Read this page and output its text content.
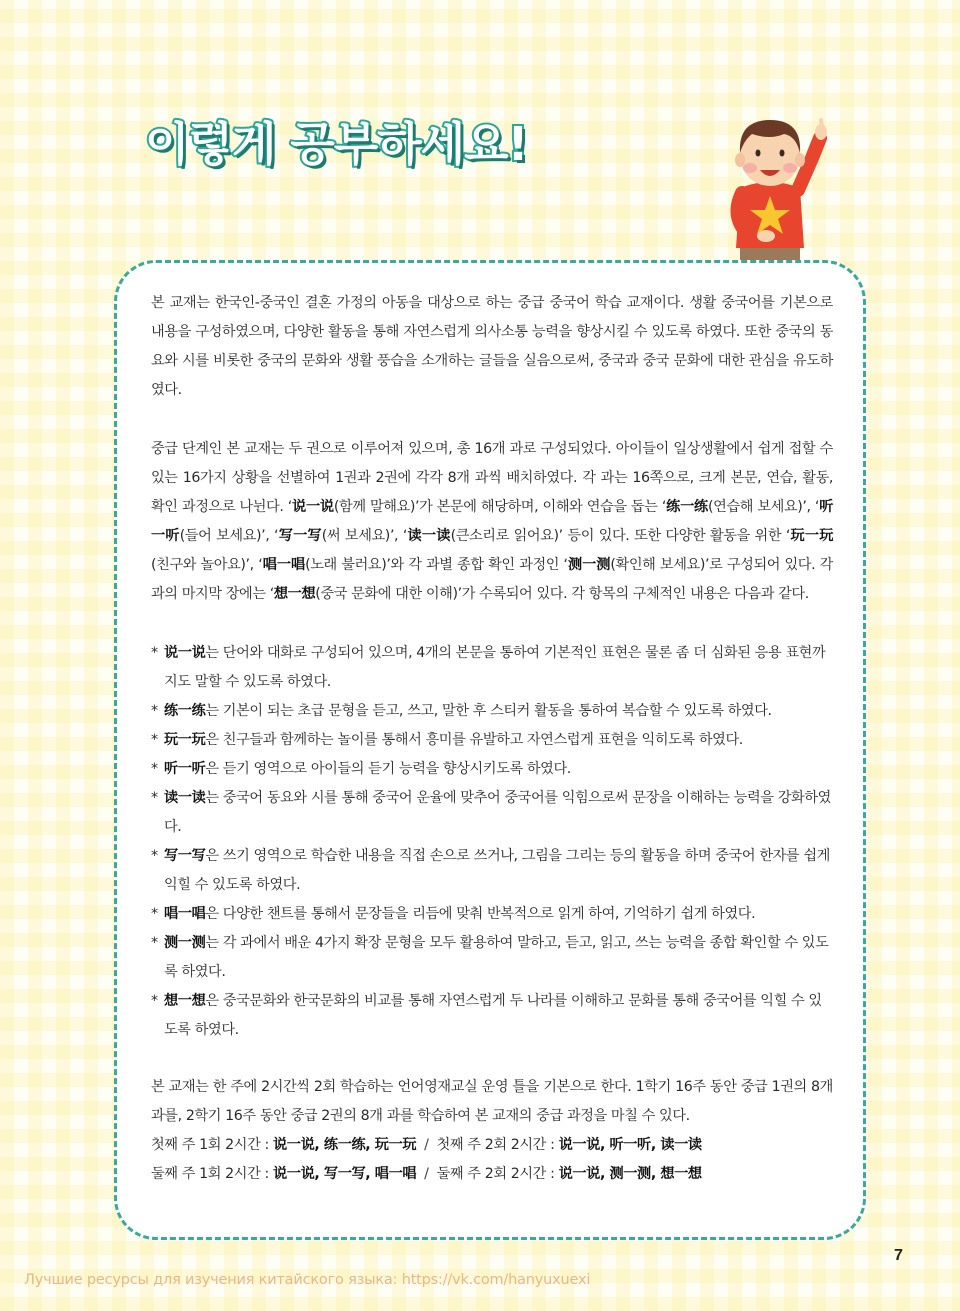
이렇게 공부하세요!

본 교재는 한국인-중국인 결혼 가정의 아동을 대상으로 하는 중급 중국어 학습 교재이다. 생활 중국어를 기본으로 내용을 구성하였으며, 다양한 활동을 통해 자연스럽게 의사소통 능력을 향상시킬 수 있도록 하였다. 또한 중국의 동요와 시를 비롯한 중국의 문화와 생활 풍습을 소개하는 글들을 실음으로써, 중국과 중국 문화에 대한 관심을 유도하였다.

중급 단계인 본 교재는 두 권으로 이루어져 있으며, 총 16개 과로 구성되었다. 아이들이 일상생활에서 쉽게 접할 수 있는 16가지 상황을 선별하여 1권과 2권에 각각 8개 과씩 배치하였다. 각 과는 16쪽으로, 크게 본문, 연습, 활동, 확인 과정으로 나뉜다. ‘说一说(함께 말해요)’가 본문에 해당하며, 이해와 연습을 돕는 ‘练一练(연습해 보세요)’, ‘听一听(들어 보세요)’, ‘写一写(써 보세요)’, ‘读一读(큰소리로 읽어요)’ 등이 있다. 또한 다양한 활동을 위한 ‘玩一玩(친구와 놀아요)’, ‘唱一唱(노래 불러요)’와 각 과별 종합 확인 과정인 ‘测一测(확인해 보세요)’로 구성되어 있다. 각 과의 마지막 장에는 ‘想一想(중국 문화에 대한 이해)’가 수록되어 있다. 각 항목의 구체적인 내용은 다음과 같다.

* 说一说는 단어와 대화로 구성되어 있으며, 4개의 본문을 통하여 기본적인 표현은 물론 좀 더 심화된 응용 표현까지도 말할 수 있도록 하였다.
* 练一练는 기본이 되는 초급 문형을 듣고, 쓰고, 말한 후 스티커 활동을 통하여 복습할 수 있도록 하였다.
* 玩一玩은 친구들과 함께하는 놀이를 통해서 흥미를 유발하고 자연스럽게 표현을 익히도록 하였다.
* 听一听은 듣기 영역으로 아이들의 듣기 능력을 향상시키도록 하였다.
* 读一读는 중국어 동요와 시를 통해 중국어 운율에 맞추어 중국어를 익힘으로써 문장을 이해하는 능력을 강화하였다.
* 写一写은 쓰기 영역으로 학습한 내용을 직접 손으로 쓰거나, 그림을 그리는 등의 활동을 하며 중국어 한자를 쉽게 익힐 수 있도록 하였다.
* 唱一唱은 다양한 챈트를 통해서 문장들을 리듬에 맞춰 반복적으로 읽게 하여, 기억하기 쉽게 하였다.
* 测一测는 각 과에서 배운 4가지 확장 문형을 모두 활용하여 말하고, 듣고, 읽고, 쓰는 능력을 종합 확인할 수 있도록 하였다.
* 想一想은 중국문화와 한국문화의 비교를 통해 자연스럽게 두 나라를 이해하고 문화를 통해 중국어를 익힐 수 있도록 하였다.

본 교재는 한 주에 2시간씩 2회 학습하는 언어영재교실 운영 틀을 기본으로 한다. 1학기 16주 동안 중급 1권의 8개 과를, 2학기 16주 동안 중급 2권의 8개 과를 학습하여 본 교재의 중급 과정을 마칠 수 있다.

첫째 주 1회 2시간 : 说一说, 练一练, 玩一玩 / 첫째 주 2회 2시간 : 说一说, 听一听, 读一读
둘째 주 1회 2시간 : 说一说, 写一写, 唱一唱 / 둘째 주 2회 2시간 : 说一说, 测一测, 想一想
7
Лучшие ресурсы для изучения китайского языка: https://vk.com/hanyuxuexi
